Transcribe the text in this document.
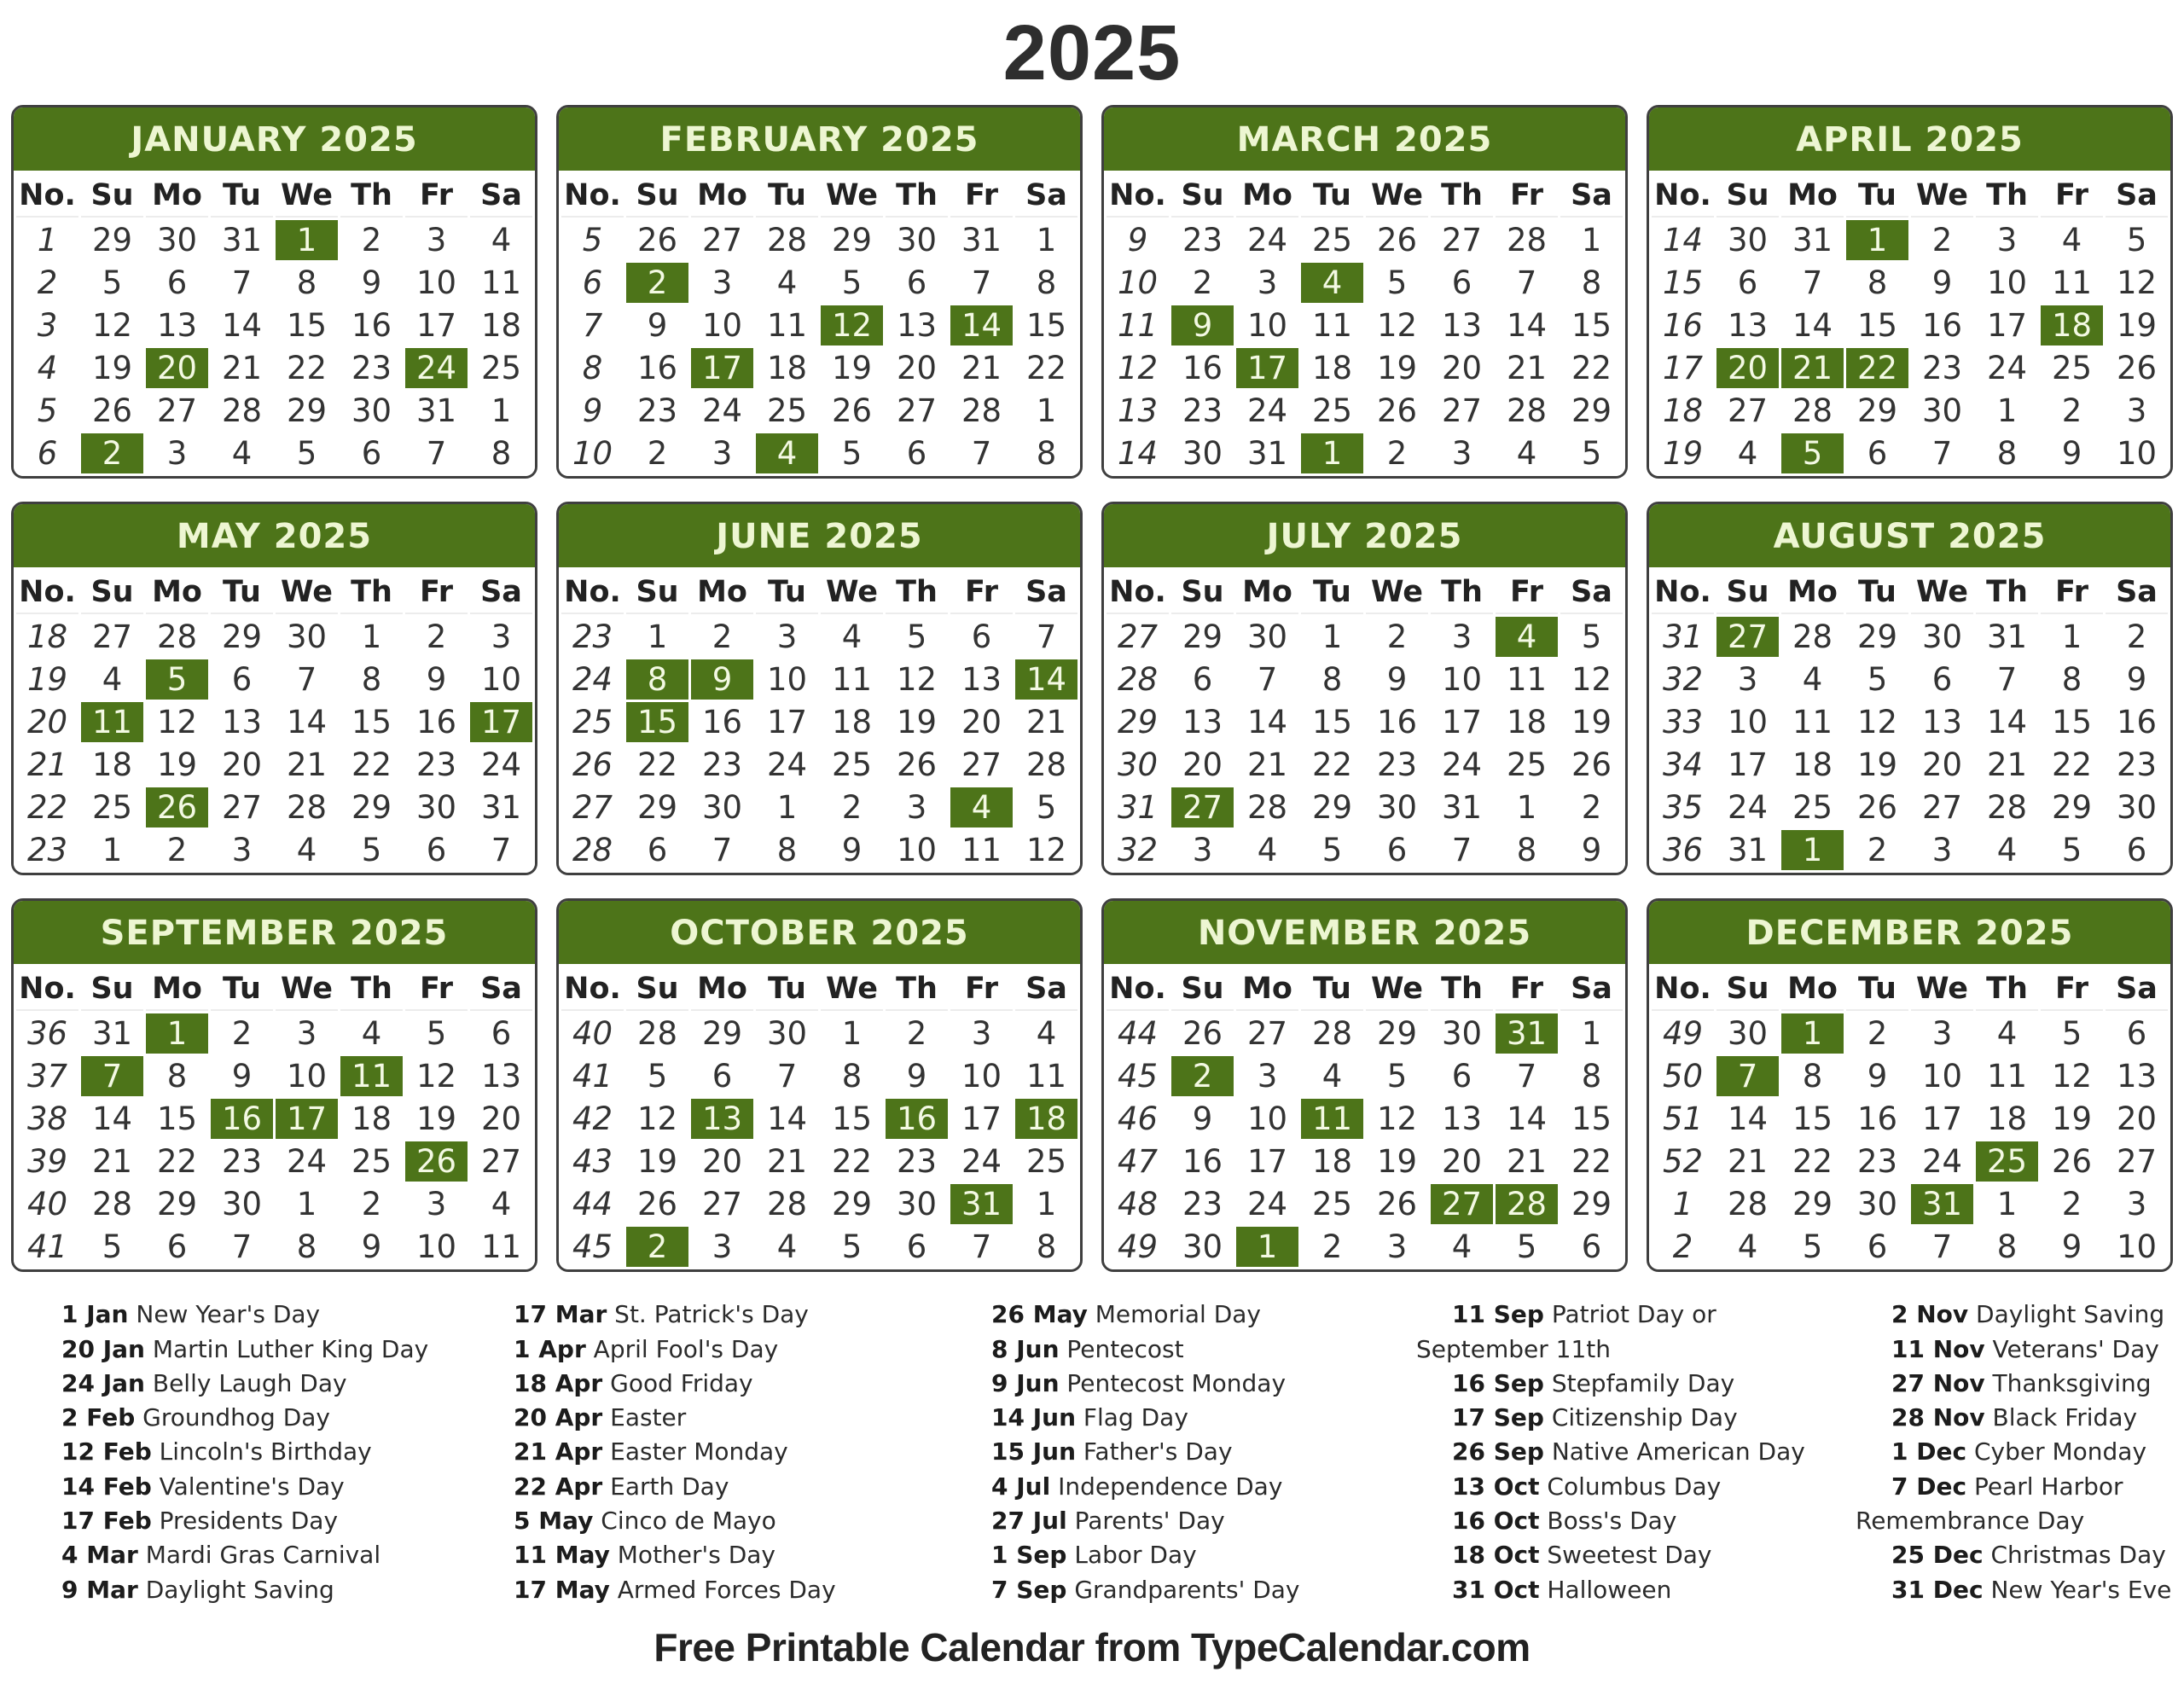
2025
JANUARY 2025
No.	Su	Mo	Tu	We	Th	Fr	Sa
1	29	30	31	1	2	3	4
2	5	6	7	8	9	10	11
3	12	13	14	15	16	17	18
4	19	20	21	22	23	24	25
5	26	27	28	29	30	31	1
6	2	3	4	5	6	7	8
FEBRUARY 2025
No.	Su	Mo	Tu	We	Th	Fr	Sa
5	26	27	28	29	30	31	1
6	2	3	4	5	6	7	8
7	9	10	11	12	13	14	15
8	16	17	18	19	20	21	22
9	23	24	25	26	27	28	1
10	2	3	4	5	6	7	8
MARCH 2025
No.	Su	Mo	Tu	We	Th	Fr	Sa
9	23	24	25	26	27	28	1
10	2	3	4	5	6	7	8
11	9	10	11	12	13	14	15
12	16	17	18	19	20	21	22
13	23	24	25	26	27	28	29
14	30	31	1	2	3	4	5
APRIL 2025
No.	Su	Mo	Tu	We	Th	Fr	Sa
14	30	31	1	2	3	4	5
15	6	7	8	9	10	11	12
16	13	14	15	16	17	18	19
17	20	21	22	23	24	25	26
18	27	28	29	30	1	2	3
19	4	5	6	7	8	9	10
MAY 2025
No.	Su	Mo	Tu	We	Th	Fr	Sa
18	27	28	29	30	1	2	3
19	4	5	6	7	8	9	10
20	11	12	13	14	15	16	17
21	18	19	20	21	22	23	24
22	25	26	27	28	29	30	31
23	1	2	3	4	5	6	7
JUNE 2025
No.	Su	Mo	Tu	We	Th	Fr	Sa
23	1	2	3	4	5	6	7
24	8	9	10	11	12	13	14
25	15	16	17	18	19	20	21
26	22	23	24	25	26	27	28
27	29	30	1	2	3	4	5
28	6	7	8	9	10	11	12
JULY 2025
No.	Su	Mo	Tu	We	Th	Fr	Sa
27	29	30	1	2	3	4	5
28	6	7	8	9	10	11	12
29	13	14	15	16	17	18	19
30	20	21	22	23	24	25	26
31	27	28	29	30	31	1	2
32	3	4	5	6	7	8	9
AUGUST 2025
No.	Su	Mo	Tu	We	Th	Fr	Sa
31	27	28	29	30	31	1	2
32	3	4	5	6	7	8	9
33	10	11	12	13	14	15	16
34	17	18	19	20	21	22	23
35	24	25	26	27	28	29	30
36	31	1	2	3	4	5	6
SEPTEMBER 2025
No.	Su	Mo	Tu	We	Th	Fr	Sa
36	31	1	2	3	4	5	6
37	7	8	9	10	11	12	13
38	14	15	16	17	18	19	20
39	21	22	23	24	25	26	27
40	28	29	30	1	2	3	4
41	5	6	7	8	9	10	11
OCTOBER 2025
No.	Su	Mo	Tu	We	Th	Fr	Sa
40	28	29	30	1	2	3	4
41	5	6	7	8	9	10	11
42	12	13	14	15	16	17	18
43	19	20	21	22	23	24	25
44	26	27	28	29	30	31	1
45	2	3	4	5	6	7	8
NOVEMBER 2025
No.	Su	Mo	Tu	We	Th	Fr	Sa
44	26	27	28	29	30	31	1
45	2	3	4	5	6	7	8
46	9	10	11	12	13	14	15
47	16	17	18	19	20	21	22
48	23	24	25	26	27	28	29
49	30	1	2	3	4	5	6
DECEMBER 2025
No.	Su	Mo	Tu	We	Th	Fr	Sa
49	30	1	2	3	4	5	6
50	7	8	9	10	11	12	13
51	14	15	16	17	18	19	20
52	21	22	23	24	25	26	27
1	28	29	30	31	1	2	3
2	4	5	6	7	8	9	10
1 Jan New Year's Day
20 Jan Martin Luther King Day
24 Jan Belly Laugh Day
2 Feb Groundhog Day
12 Feb Lincoln's Birthday
14 Feb Valentine's Day
17 Feb Presidents Day
4 Mar Mardi Gras Carnival
9 Mar Daylight Saving
17 Mar St. Patrick's Day
1 Apr April Fool's Day
18 Apr Good Friday
20 Apr Easter
21 Apr Easter Monday
22 Apr Earth Day
5 May Cinco de Mayo
11 May Mother's Day
17 May Armed Forces Day
26 May Memorial Day
8 Jun Pentecost
9 Jun Pentecost Monday
14 Jun Flag Day
15 Jun Father's Day
4 Jul Independence Day
27 Jul Parents' Day
1 Sep Labor Day
7 Sep Grandparents' Day
11 Sep Patriot Day or September 11th
16 Sep Stepfamily Day
17 Sep Citizenship Day
26 Sep Native American Day
13 Oct Columbus Day
16 Oct Boss's Day
18 Oct Sweetest Day
31 Oct Halloween
2 Nov Daylight Saving
11 Nov Veterans' Day
27 Nov Thanksgiving
28 Nov Black Friday
1 Dec Cyber Monday
7 Dec Pearl Harbor Remembrance Day
25 Dec Christmas Day
31 Dec New Year's Eve
Free Printable Calendar from TypeCalendar.com
